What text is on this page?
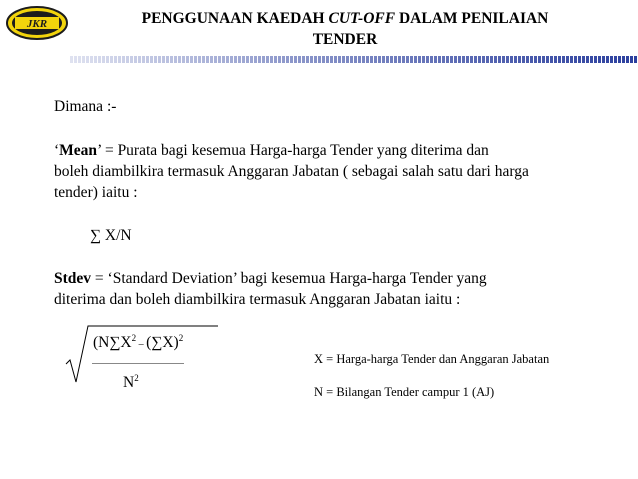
JKR	PENGGUNAAN KAEDAH CUT-OFF DALAM PENILAIAN
TENDER
Dimana :-
‘Mean’ = Purata bagi kesemua Harga-harga Tender yang diterima dan
boleh diambilkira termasuk Anggaran Jabatan ( sebagai salah satu dari harga
tender) iaitu :
∑ X/N
Stdev = ‘Standard Deviation’ bagi kesemua Harga-harga Tender yang
diterima dan boleh diambilkira termasuk Anggaran Jabatan iaitu :
($N\sum X^2 - (\sum X)^2$
$N^2$
X = Harga-harga Tender dan Anggaran Jabatan
N = Bilangan Tender campur 1 (AJ)
